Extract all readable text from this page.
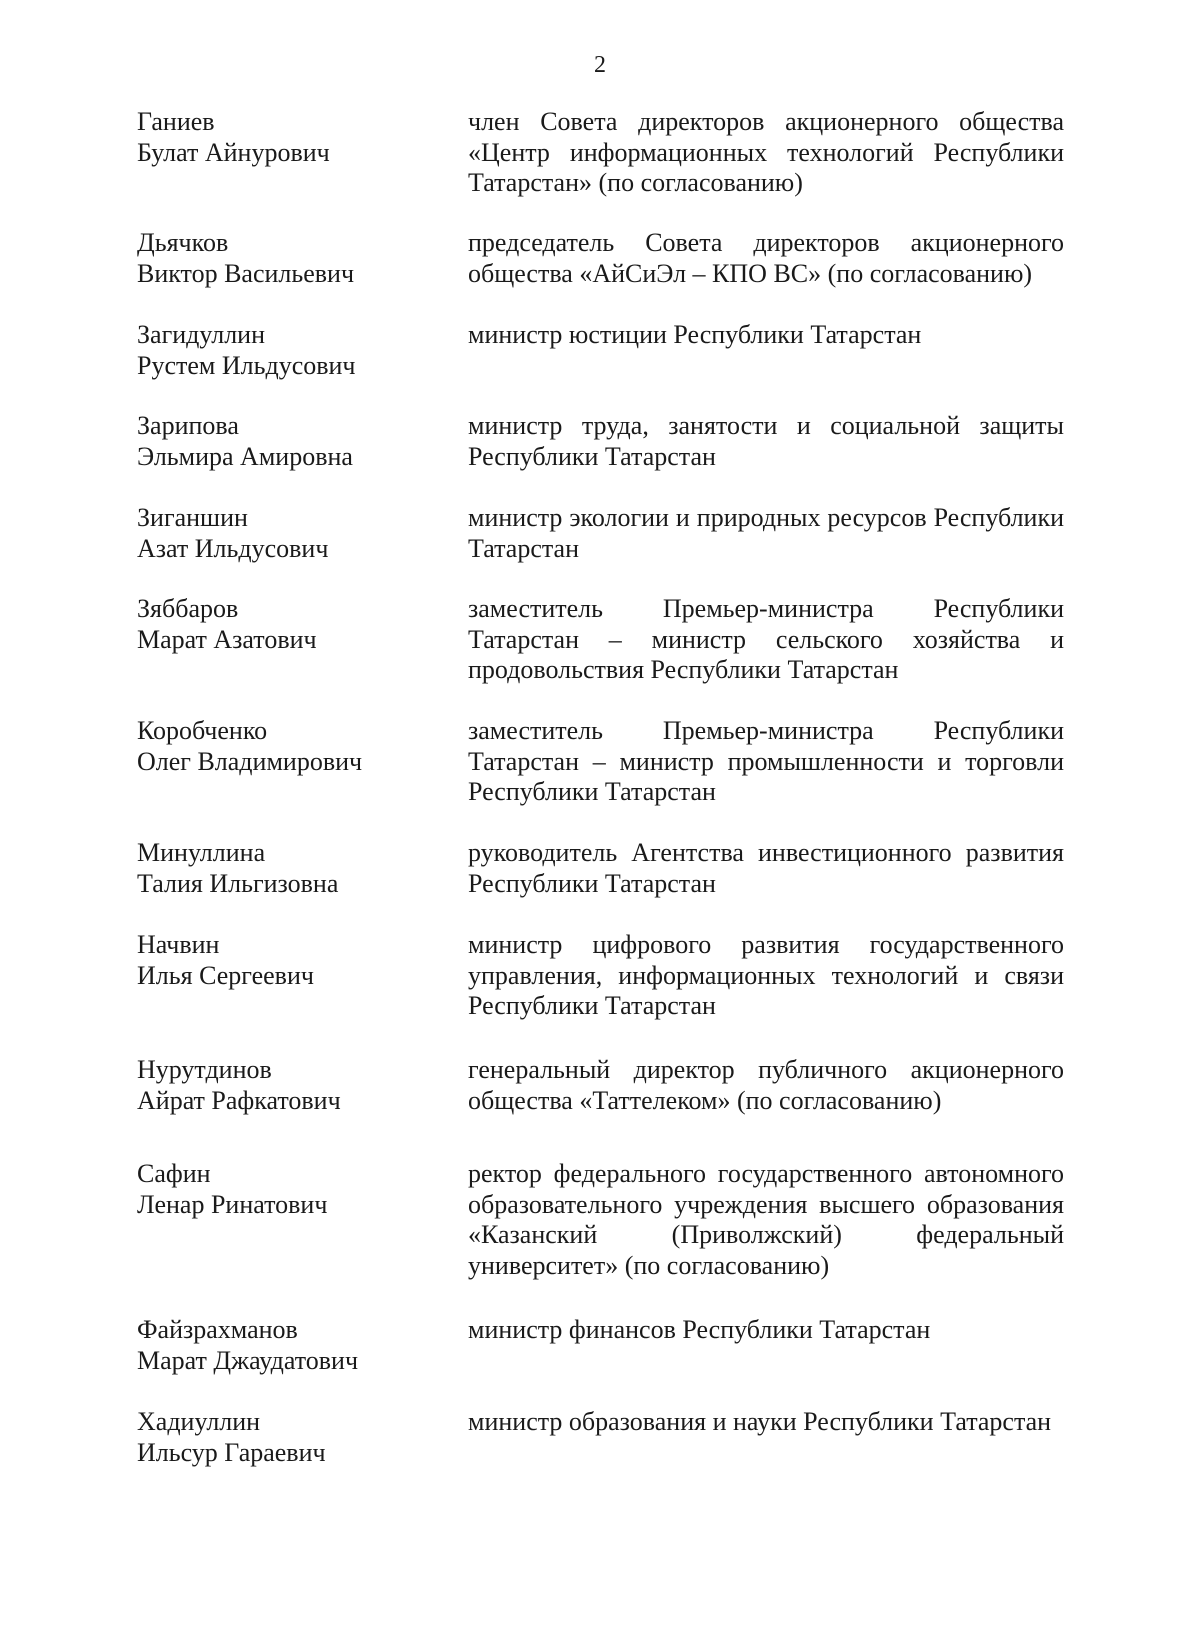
2
Ганиев
Булат Айнурович
член Совета директоров акционерного общества «Центр информационных технологий Республики Татарстан» (по согласованию)
Дьячков
Виктор Васильевич
председатель Совета директоров акционерного общества «АйСиЭл – КПО ВС» (по согласованию)
Загидуллин
Рустем Ильдусович
министр юстиции Республики Татарстан
Зарипова
Эльмира Амировна
министр труда, занятости и социальной защиты Республики Татарстан
Зиганшин
Азат Ильдусович
министр экологии и природных ресурсов Республики Татарстан
Зяббаров
Марат Азатович
заместитель Премьер-министра Республики Татарстан – министр сельского хозяйства и продовольствия Республики Татарстан
Коробченко
Олег Владимирович
заместитель Премьер-министра Республики Татарстан – министр промышленности и торговли Республики Татарстан
Минуллина
Талия Ильгизовна
руководитель Агентства инвестиционного развития Республики Татарстан
Начвин
Илья Сергеевич
министр цифрового развития государственного управления, информационных технологий и связи Республики Татарстан
Нурутдинов
Айрат Рафкатович
генеральный директор публичного акционерного общества «Таттелеком» (по согласованию)
Сафин
Ленар Ринатович
ректор федерального государственного автономного образовательного учреждения высшего образования «Казанский (Приволжский) федеральный университет» (по согласованию)
Файзрахманов
Марат Джаудатович
министр финансов Республики Татарстан
Хадиуллин
Ильсур Гараевич
министр образования и науки Республики Татарстан
